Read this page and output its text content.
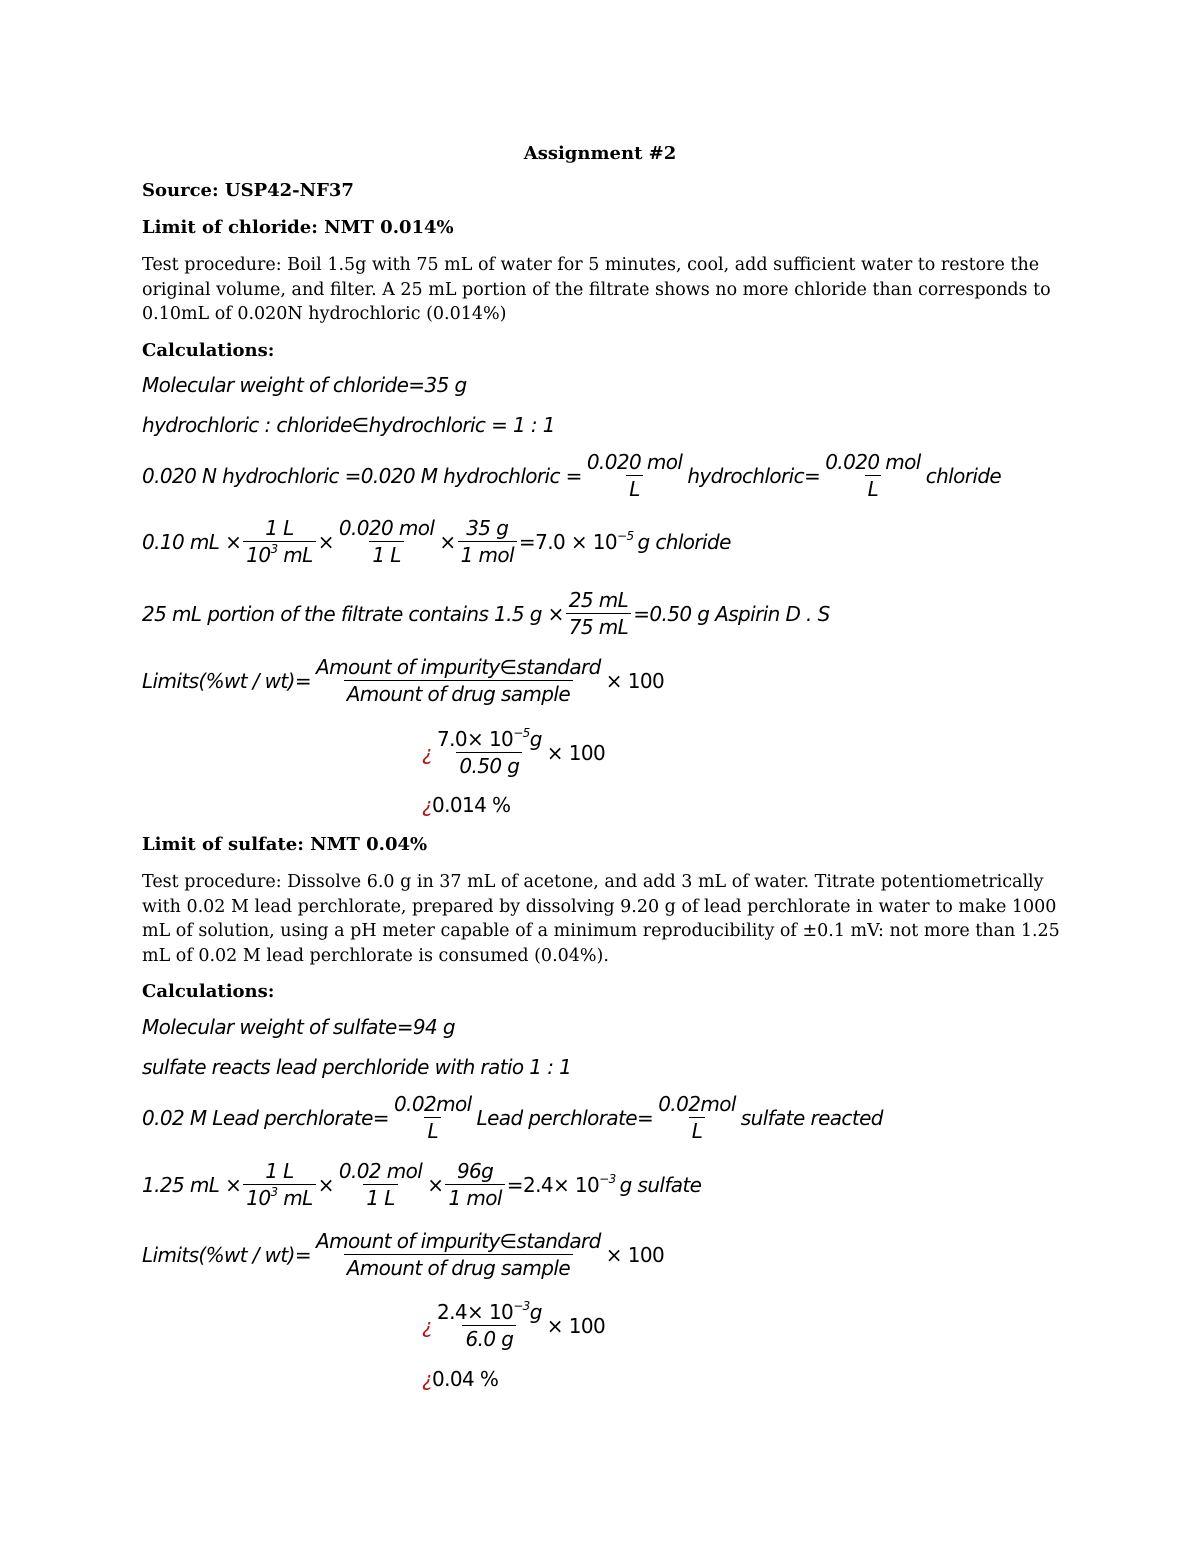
Assignment #2
Source: USP42-NF37
Limit of chloride: NMT 0.014%
Test procedure: Boil 1.5g with 75 mL of water for 5 minutes, cool, add sufficient water to restore the original volume, and filter. A 25 mL portion of the filtrate shows no more chloride than corresponds to 0.10mL of 0.020N hydrochloric (0.014%)
Calculations:
Molecular weight of chloride=35 g
hydrochloric : chloride∈hydrochloric = 1 : 1
0.020 N hydrochloric =0.020 M hydrochloric = $\frac{\text{0.020 mol}}{L}$ hydrochloric= $\frac{\text{0.020 mol}}{L}$ chloride
0.10 mL × $\frac{1 L}{10^3 mL} \times \frac{\text{0.020 mol}}{1 L} \times \frac{35 g}{\text{1 mol}} =7.0 \times 10^{-5}$ g chloride
25 mL portion of the filtrate contains 1.5 $g \times \frac{25 mL}{75 mL} =0.50$ g Aspirin D . S
Limits(%wt / $wt)= \frac{\text{Amount of impurity∈standard}}{\text{Amount of drug sample}} \times 100$
¿ $\frac{7.0\times 10^{-5}g}{0.50 g} \times 100$
¿ 0.014 %
Limit of sulfate: NMT 0.04%
Test procedure: Dissolve 6.0 g in 37 mL of acetone, and add 3 mL of water. Titrate potentiometrically with 0.02 M lead perchlorate, prepared by dissolving 9.20 g of lead perchlorate in water to make 1000 mL of solution, using a pH meter capable of a minimum reproducibility of ±0.1 mV: not more than 1.25 mL of 0.02 M lead perchlorate is consumed (0.04%).
Calculations:
Molecular weight of sulfate=94 g
sulfate reacts lead perchloride with ratio 1 : 1
0.02 M Lead perchlorate= $\frac{\text{0.02mol}}{L}$ Lead perchlorate= $\frac{\text{0.02mol}}{L}$ sulfate reacted
1.25 mL × $\frac{1 L}{10^3 mL} \times \frac{\text{0.02 mol}}{1 L} \times \frac{96g}{\text{1 mol}} =2.4\times 10^{-3}$ g sulfate
Limits(%wt / $wt)= \frac{\text{Amount of impurity∈standard}}{\text{Amount of drug sample}} \times 100$
¿ $\frac{2.4\times 10^{-3}g}{6.0 g} \times 100$
¿ 0.04 %
